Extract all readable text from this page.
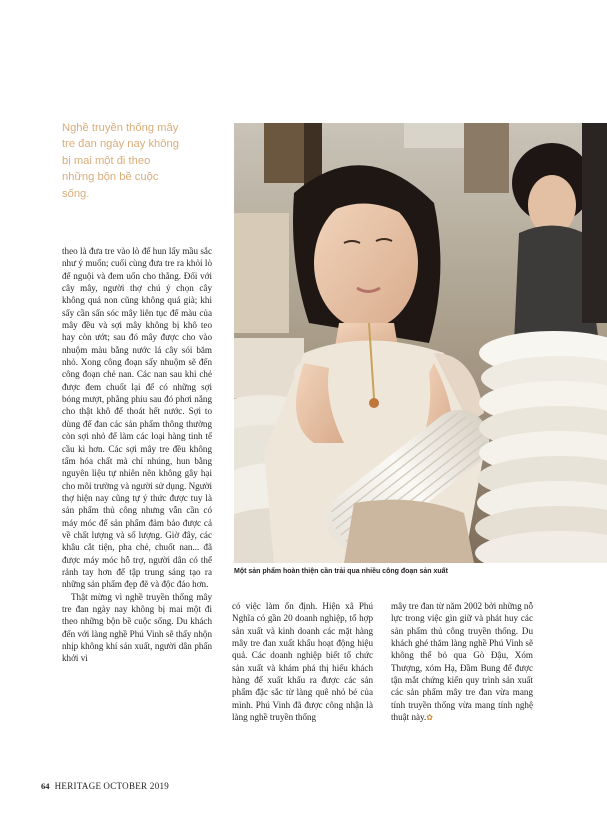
Nghề truyền thống mây tre đan ngày nay không bị mai một đi theo những bộn bề cuộc sống.

theo là đưa tre vào lò để hun lấy mầu sắc như ý muốn; cuối cùng đưa tre ra khỏi lò để nguội và đem uốn cho thẳng. Đối với cây mây, người thợ chú ý chọn cây không quá non cũng không quá già; khi sấy cần sấn sóc mây liên tục để màu của mây đều và sợi mây không bị khô teo hay còn ướt; sau đó mây được cho vào nhuộm màu bằng nước lá cây sói băm nhỏ. Xong công đoạn sấy nhuộm sẽ đến công đoạn chẻ nan. Các nan sau khi chẻ được đem chuốt lại để có những sợi bóng mượt, phẳng phiu sau đó phơi nắng cho thật khô để thoát hết nước. Sợi to dùng để đan các sản phẩm thông thường còn sợi nhỏ để làm các loại hàng tinh tế cầu kì hơn. Các sợi mây tre đều không tẩm hóa chất mà chỉ nhúng, hun bằng nguyên liệu tự nhiên nên không gây hại cho môi trường và người sử dụng. Người thợ hiện nay cũng tự ý thức được tuy là sản phẩm thủ công nhưng vẫn cần có máy móc để sản phẩm đảm bảo được cả về chất lượng và số lượng. Giờ đây, các khâu cắt tiện, pha chẻ, chuốt nan... đã được máy móc hỗ trợ, người dân có thể rảnh tay hơn để tập trung sáng tạo ra những sản phẩm đẹp đẽ và độc đáo hơn.

Thật mừng vì nghề truyền thống mây tre đan ngày nay không bị mai một đi theo những bộn bề cuộc sống. Du khách đến với làng nghề Phú Vinh sẽ thấy nhộn nhịp không khí sản xuất, người dân phấn khởi vì

Một sản phẩm hoàn thiện cần trải qua nhiều công đoạn sản xuất

có việc làm ổn định. Hiện xã Phú Nghĩa có gần 20 doanh nghiệp, tổ hợp sản xuất và kinh doanh các mặt hàng mây tre đan xuất khẩu hoạt động hiệu quả. Các doanh nghiệp biết tổ chức sản xuất và khám phá thị hiếu khách hàng để xuất khẩu ra được các sản phẩm đặc sắc từ làng quê nhỏ bé của mình. Phú Vinh đã được công nhận là làng nghề truyền thống

mây tre đan từ năm 2002 bởi những nỗ lực trong việc gìn giữ và phát huy các sản phẩm thủ công truyền thống. Du khách ghé thăm làng nghề Phú Vinh sẽ không thể bỏ qua Gò Đậu, Xóm Thượng, xóm Hạ, Đầm Bung để được tận mắt chứng kiến quy trình sản xuất các sản phẩm mây tre đan vừa mang tính truyền thống vừa mang tính nghệ thuật này.✿

64 HERITAGE OCTOBER 2019
